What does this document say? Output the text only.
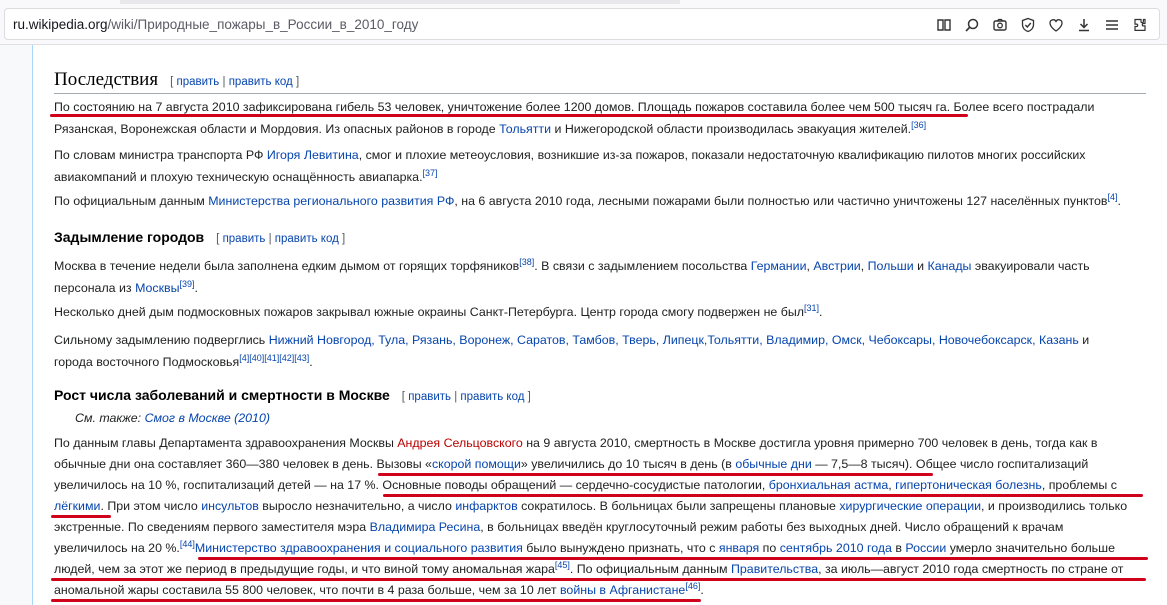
ru.wikipedia.org/wiki/Природные_пожары_в_России_в_2010_году
Последствия [ править | править код ]
По состоянию на 7 августа 2010 зафиксирована гибель 53 человек, уничтожение более 1200 домов. Площадь пожаров составила более чем 500 тысяч га. Более всего пострадали
Рязанская, Воронежская области и Мордовия. Из опасных районов в городе Тольятти и Нижегородской области производилась эвакуация жителей.[36]
По словам министра транспорта РФ Игоря Левитина, смог и плохие метеоусловия, возникшие из-за пожаров, показали недостаточную квалификацию пилотов многих российских
авиакомпаний и плохую техническую оснащённость авиапарка.[37]
По официальным данным Министерства регионального развития РФ, на 6 августа 2010 года, лесными пожарами были полностью или частично уничтожены 127 населённых пунктов[4].
Задымление городов [ править | править код ]
Москва в течение недели была заполнена едким дымом от горящих торфяников[38]. В связи с задымлением посольства Германии, Австрии, Польши и Канады эвакуировали часть
персонала из Москвы[39].
Несколько дней дым подмосковных пожаров закрывал южные окраины Санкт-Петербурга. Центр города смогу подвержен не был[31].
Сильному задымлению подверглись Нижний Новгород, Тула, Рязань, Воронеж, Саратов, Тамбов, Тверь, Липецк,Тольятти, Владимир, Омск, Чебоксары, Новочебоксарск, Казань и
города восточного Подмосковья[4][40][41][42][43].
Рост числа заболеваний и смертности в Москве [ править | править код ]
См. также: Смог в Москве (2010)
По данным главы Департамента здравоохранения Москвы Андрея Сельцовского на 9 августа 2010, смертность в Москве достигла уровня примерно 700 человек в день, тогда как в
обычные дни она составляет 360—380 человек в день. Вызовы «скорой помощи» увеличились до 10 тысяч в день (в обычные дни — 7,5—8 тысяч). Общее число госпитализаций
увеличилось на 10 %, госпитализаций детей — на 17 %. Основные поводы обращений — сердечно-сосудистые патологии, бронхиальная астма, гипертоническая болезнь, проблемы с
лёгкими. При этом число инсультов выросло незначительно, а число инфарктов сократилось. В больницах были запрещены плановые хирургические операции, и производились только
экстренные. По сведениям первого заместителя мэра Владимира Ресина, в больницах введён круглосуточный режим работы без выходных дней. Число обращений к врачам
увеличилось на 20 %.[44]Министерство здравоохранения и социального развития было вынуждено признать, что с января по сентябрь 2010 года в России умерло значительно больше
людей, чем за этот же период в предыдущие годы, и что виной тому аномальная жара[45]. По официальным данным Правительства, за июль—август 2010 года смертность по стране от
аномальной жары составила 55 800 человек, что почти в 4 раза больше, чем за 10 лет войны в Афганистане[46].
